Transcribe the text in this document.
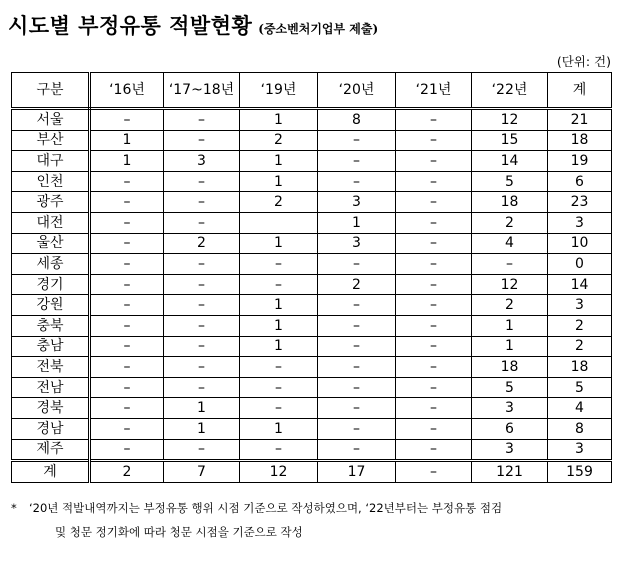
시도별 부정유통 적발현황 (중소벤처기업부 제출)
(단위: 건)
구분	‘16년	‘17~18년	‘19년	‘20년	‘21년	‘22년	계
서울	–	–	1	8	–	12	21
부산	1	–	2	–	–	15	18
대구	1	3	1	–	–	14	19
인천	–	–	1	–	–	5	6
광주	–	–	2	3	–	18	23
대전	–	–		1	–	2	3
울산	–	2	1	3	–	4	10
세종	–	–	–	–	–	–	0
경기	–	–	–	2	–	12	14
강원	–	–	1	–	–	2	3
충북	–	–	1	–	–	1	2
충남	–	–	1	–	–	1	2
전북	–	–	–	–	–	18	18
전남	–	–	–	–	–	5	5
경북	–	1	–	–	–	3	4
경남	–	1	1	–	–	6	8
제주	–	–	–	–	–	3	3
계	2	7	12	17	–	121	159
*	‘20년 적발내역까지는 부정유통 행위 시점 기준으로 작성하였으며, ‘22년부터는 부정유통 점검
및 청문 정기화에 따라 청문 시점을 기준으로 작성
